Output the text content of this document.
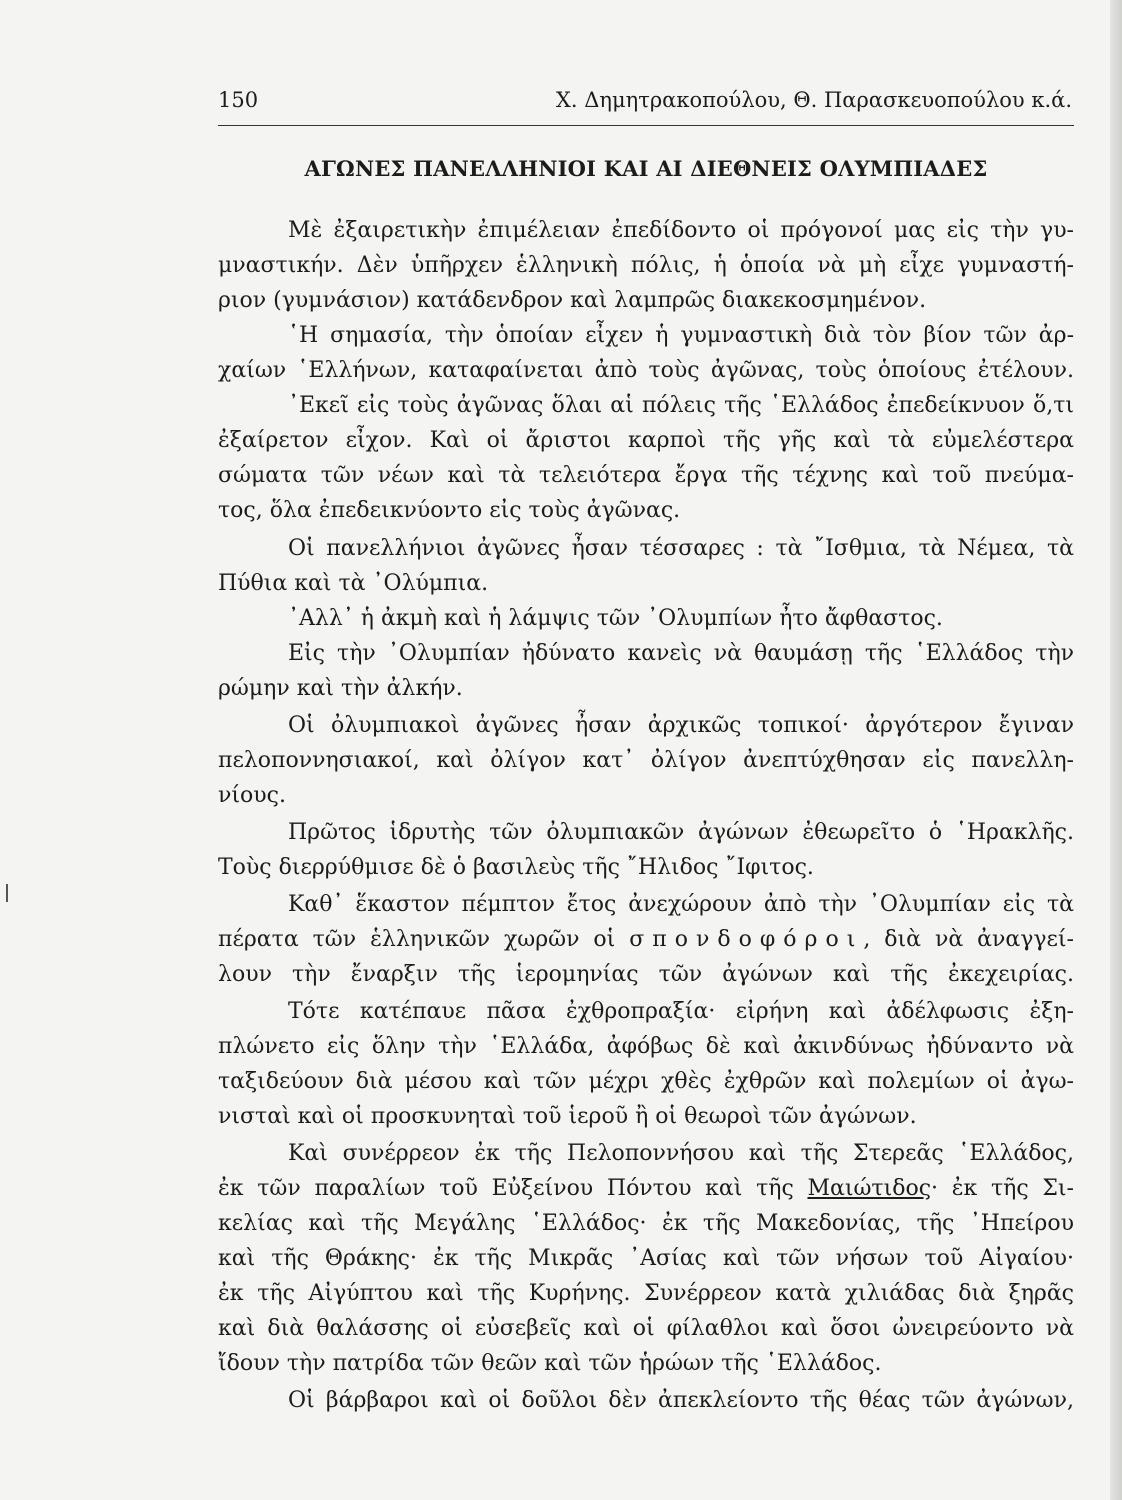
150	Χ. Δημητρακοπούλου, Θ. Παρασκευοπούλου κ.ά.
ΑΓΩΝΕΣ ΠΑΝΕΛΛΗΝΙΟΙ ΚΑΙ ΑΙ ΔΙΕΘΝΕΙΣ ΟΛΥΜΠΙΑΔΕΣ
Μὲ ἐξαιρετικὴν ἐπιμέλειαν ἐπεδίδοντο οἱ πρόγονοί μας εἰς τὴν γυ-
μναστικήν. Δὲν ὑπῆρχεν ἑλληνικὴ πόλις, ἡ ὁποία νὰ μὴ εἶχε γυμναστή-
ριον (γυμνάσιον) κατάδενδρον καὶ λαμπρῶς διακεκοσμημένον.
῾Η σημασία, τὴν ὁποίαν εἶχεν ἡ γυμναστικὴ διὰ τὸν βίον τῶν ἀρ-
χαίων ῾Ελλήνων, καταφαίνεται ἀπὸ τοὺς ἀγῶνας, τοὺς ὁποίους ἐτέλουν.
᾿Εκεῖ εἰς τοὺς ἀγῶνας ὅλαι αἱ πόλεις τῆς ῾Ελλάδος ἐπεδείκνυον ὅ,τι
ἐξαίρετον εἶχον. Καὶ οἱ ἄριστοι καρποὶ τῆς γῆς καὶ τὰ εὐμελέστερα
σώματα τῶν νέων καὶ τὰ τελειότερα ἔργα τῆς τέχνης καὶ τοῦ πνεύμα-
τος, ὅλα ἐπεδεικνύοντο εἰς τοὺς ἀγῶνας.
Οἱ πανελλήνιοι ἀγῶνες ἦσαν τέσσαρες : τὰ ῎Ισθμια, τὰ Νέμεα, τὰ
Πύθια καὶ τὰ ᾿Ολύμπια.
᾿Αλλ᾿ ἡ ἀκμὴ καὶ ἡ λάμψις τῶν ᾿Ολυμπίων ἦτο ἄφθαστος.
Εἰς τὴν ᾿Ολυμπίαν ἠδύνατο κανεὶς νὰ θαυμάσῃ τῆς ῾Ελλάδος τὴν
ρώμην καὶ τὴν ἀλκήν.
Οἱ ὀλυμπιακοὶ ἀγῶνες ἦσαν ἀρχικῶς τοπικοί· ἀργότερον ἔγιναν
πελοποννησιακοί, καὶ ὀλίγον κατ᾿ ὀλίγον ἀνεπτύχθησαν εἰς πανελλη-
νίους.
Πρῶτος ἱδρυτὴς τῶν ὀλυμπιακῶν ἀγώνων ἐθεωρεῖτο ὁ ῾Ηρακλῆς.
Τοὺς διερρύθμισε δὲ ὁ βασιλεὺς τῆς ῎Ηλιδος ῎Ιφιτος.
Καθ᾿ ἕκαστον πέμπτον ἔτος ἀνεχώρουν ἀπὸ τὴν ᾿Ολυμπίαν εἰς τὰ
πέρατα τῶν ἑλληνικῶν χωρῶν οἱ σπονδοφόροι, διὰ νὰ ἀναγγεί-
λουν τὴν ἔναρξιν τῆς ἱερομηνίας τῶν ἀγώνων καὶ τῆς ἐκεχειρίας.
Τότε κατέπαυε πᾶσα ἐχθροπραξία· εἰρήνη καὶ ἀδέλφωσις ἐξη-
πλώνετο εἰς ὅλην τὴν ῾Ελλάδα, ἀφόβως δὲ καὶ ἀκινδύνως ἠδύναντο νὰ
ταξιδεύουν διὰ μέσου καὶ τῶν μέχρι χθὲς ἐχθρῶν καὶ πολεμίων οἱ ἀγω-
νισταὶ καὶ οἱ προσκυνηταὶ τοῦ ἱεροῦ ἢ οἱ θεωροὶ τῶν ἀγώνων.
Καὶ συνέρρεον ἐκ τῆς Πελοποννήσου καὶ τῆς Στερεᾶς ῾Ελλάδος,
ἐκ τῶν παραλίων τοῦ Εὐξείνου Πόντου καὶ τῆς Μαιώτιδος· ἐκ τῆς Σι-
κελίας καὶ τῆς Μεγάλης ῾Ελλάδος· ἐκ τῆς Μακεδονίας, τῆς ᾿Ηπείρου
καὶ τῆς Θράκης· ἐκ τῆς Μικρᾶς ᾿Ασίας καὶ τῶν νήσων τοῦ Αἰγαίου·
ἐκ τῆς Αἰγύπτου καὶ τῆς Κυρήνης. Συνέρρεον κατὰ χιλιάδας διὰ ξηρᾶς
καὶ διὰ θαλάσσης οἱ εὐσεβεῖς καὶ οἱ φίλαθλοι καὶ ὅσοι ὠνειρεύοντο νὰ
ἴδουν τὴν πατρίδα τῶν θεῶν καὶ τῶν ἡρώων τῆς ῾Ελλάδος.
Οἱ βάρβαροι καὶ οἱ δοῦλοι δὲν ἀπεκλείοντο τῆς θέας τῶν ἀγώνων,
